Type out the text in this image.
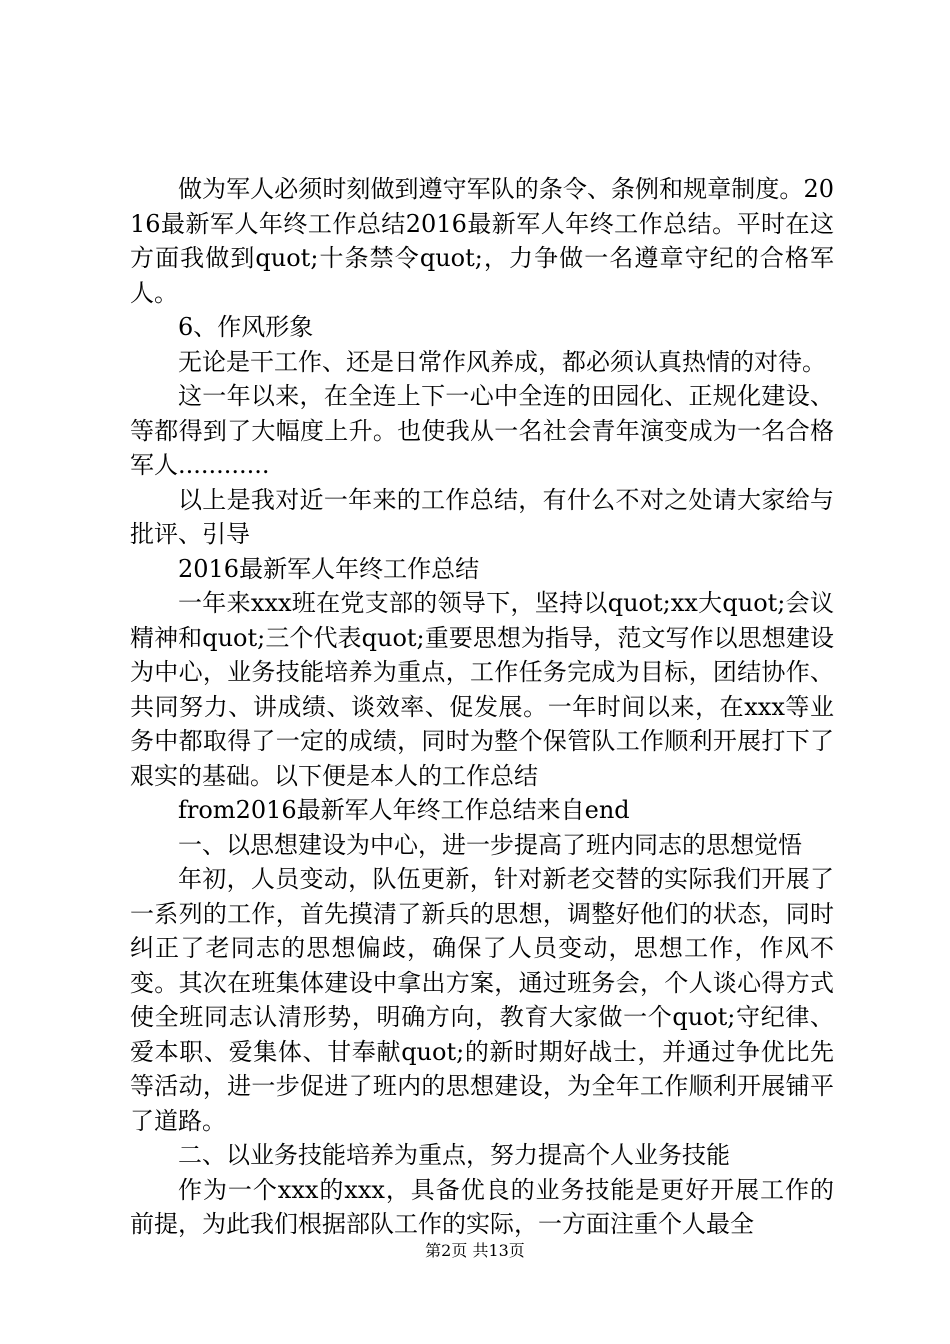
做为军人必须时刻做到遵守军队的条令、条例和规章制度。2016最新军人年终工作总结2016最新军人年终工作总结。平时在这方面我做到quot;十条禁令quot;，力争做一名遵章守纪的合格军人。

6、作风形象

无论是干工作、还是日常作风养成，都必须认真热情的对待。

这一年以来，在全连上下一心中全连的田园化、正规化建设、等都得到了大幅度上升。也使我从一名社会青年演变成为一名合格军人............

以上是我对近一年来的工作总结，有什么不对之处请大家给与批评、引导

2016最新军人年终工作总结

一年来xxx班在党支部的领导下，坚持以quot;xx大quot;会议精神和quot;三个代表quot;重要思想为指导，范文写作以思想建设为中心，业务技能培养为重点，工作任务完成为目标，团结协作、共同努力、讲成绩、谈效率、促发展。一年时间以来，在xxx等业务中都取得了一定的成绩，同时为整个保管队工作顺利开展打下了艰实的基础。以下便是本人的工作总结

from2016最新军人年终工作总结来自end

一、以思想建设为中心，进一步提高了班内同志的思想觉悟

年初，人员变动，队伍更新，针对新老交替的实际我们开展了一系列的工作，首先摸清了新兵的思想，调整好他们的状态，同时纠正了老同志的思想偏歧，确保了人员变动，思想工作，作风不变。其次在班集体建设中拿出方案，通过班务会，个人谈心得方式使全班同志认清形势，明确方向，教育大家做一个quot;守纪律、爱本职、爱集体、甘奉献quot;的新时期好战士，并通过争优比先等活动，进一步促进了班内的思想建设，为全年工作顺利开展铺平了道路。

二、以业务技能培养为重点，努力提高个人业务技能

作为一个xxx的xxx，具备优良的业务技能是更好开展工作的前提，为此我们根据部队工作的实际，一方面注重个人最全

第2页 共13页
